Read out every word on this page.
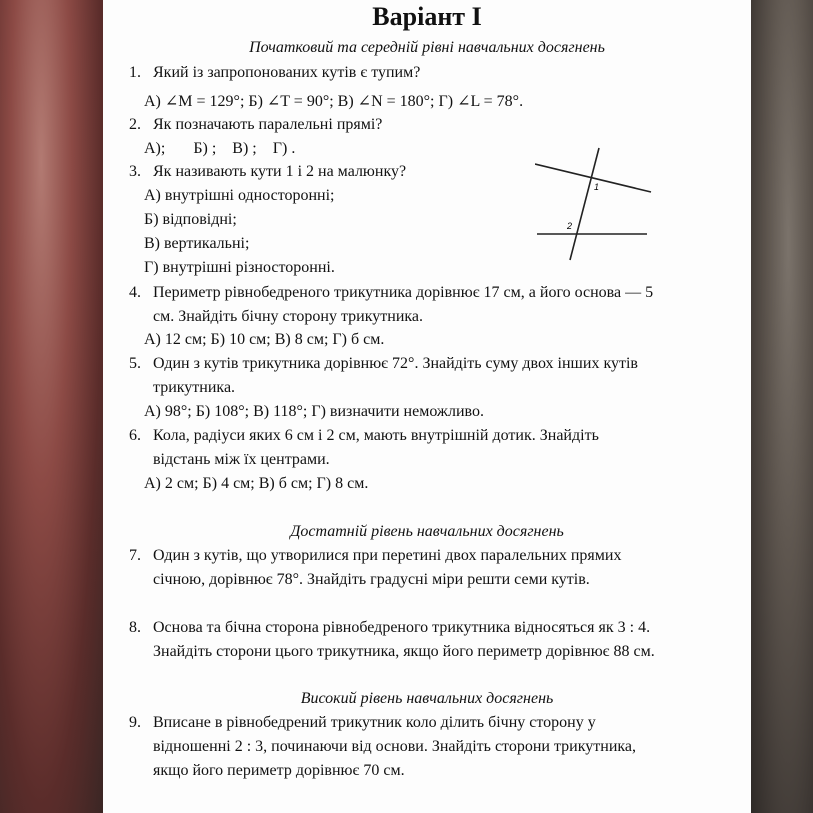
Варіант І
Початковий та середній рівні навчальних досягнень
1. Який із запропонованих кутів є тупим?
А) ∠M = 129°; Б) ∠T = 90°; В) ∠N = 180°; Г) ∠L = 78°.
2. Як позначають паралельні прямі?
А);       Б) ;    В) ;    Г) .
3. Як називають кути 1 і 2 на малюнку?
А) внутрішні односторонні;
Б) відповідні;
В) вертикальні;
Г) внутрішні різносторонні.
1
2
4. Периметр рівнобедреного трикутника дорівнює 17 см, а його основа — 5
см. Знайдіть бічну сторону трикутника.
А) 12 см; Б) 10 см; В) 8 см; Г) б см.
5. Один з кутів трикутника дорівнює 72°. Знайдіть суму двох інших кутів
трикутника.
А) 98°; Б) 108°; В) 118°; Г) визначити неможливо.
6. Кола, радіуси яких 6 см і 2 см, мають внутрішній дотик. Знайдіть
відстань між їх центрами.
А) 2 см; Б) 4 см; В) б см; Г) 8 см.
Достатній рівень навчальних досягнень
7. Один з кутів, що утворилися при перетині двох паралельних прямих
січною, дорівнює 78°. Знайдіть градусні міри решти семи кутів.
8. Основа та бічна сторона рівнобедреного трикутника відносяться як 3 : 4.
Знайдіть сторони цього трикутника, якщо його периметр дорівнює 88 см.
Високий рівень навчальних досягнень
9. Вписане в рівнобедрений трикутник коло ділить бічну сторону у
відношенні 2 : 3, починаючи від основи. Знайдіть сторони трикутника,
якщо його периметр дорівнює 70 см.
